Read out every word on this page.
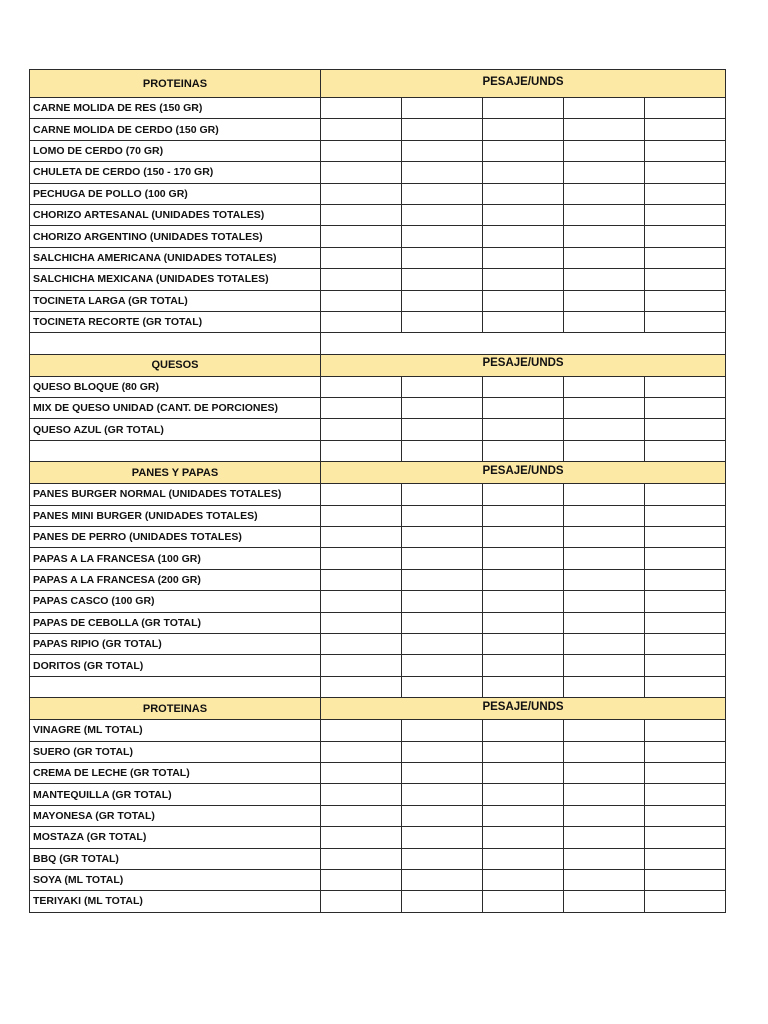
PROTEINAS	PESAJE/UNDS				
CARNE MOLIDA DE RES (150 GR)					
CARNE MOLIDA DE CERDO (150 GR)					
LOMO DE CERDO (70 GR)					
CHULETA DE CERDO (150 - 170 GR)					
PECHUGA DE POLLO (100 GR)					
CHORIZO ARTESANAL (UNIDADES TOTALES)					
CHORIZO ARGENTINO (UNIDADES TOTALES)					
SALCHICHA AMERICANA (UNIDADES TOTALES)					
SALCHICHA MEXICANA (UNIDADES TOTALES)					
TOCINETA LARGA (GR TOTAL)					
TOCINETA RECORTE (GR TOTAL)					

QUESOS	PESAJE/UNDS				
QUESO BLOQUE (80 GR)					
MIX DE QUESO UNIDAD (CANT. DE PORCIONES)					
QUESO AZUL (GR TOTAL)					

PANES Y PAPAS	PESAJE/UNDS				
PANES BURGER NORMAL (UNIDADES TOTALES)					
PANES MINI BURGER (UNIDADES TOTALES)					
PANES DE PERRO (UNIDADES TOTALES)					
PAPAS A LA FRANCESA (100 GR)					
PAPAS A LA FRANCESA (200 GR)					
PAPAS CASCO (100 GR)					
PAPAS DE CEBOLLA (GR TOTAL)					
PAPAS RIPIO (GR TOTAL)					
DORITOS (GR TOTAL)					

PROTEINAS	PESAJE/UNDS				
VINAGRE (ML TOTAL)					
SUERO (GR TOTAL)					
CREMA DE LECHE (GR TOTAL)					
MANTEQUILLA (GR TOTAL)					
MAYONESA (GR TOTAL)					
MOSTAZA (GR TOTAL)					
BBQ (GR TOTAL)					
SOYA (ML TOTAL)					
TERIYAKI (ML TOTAL)					
